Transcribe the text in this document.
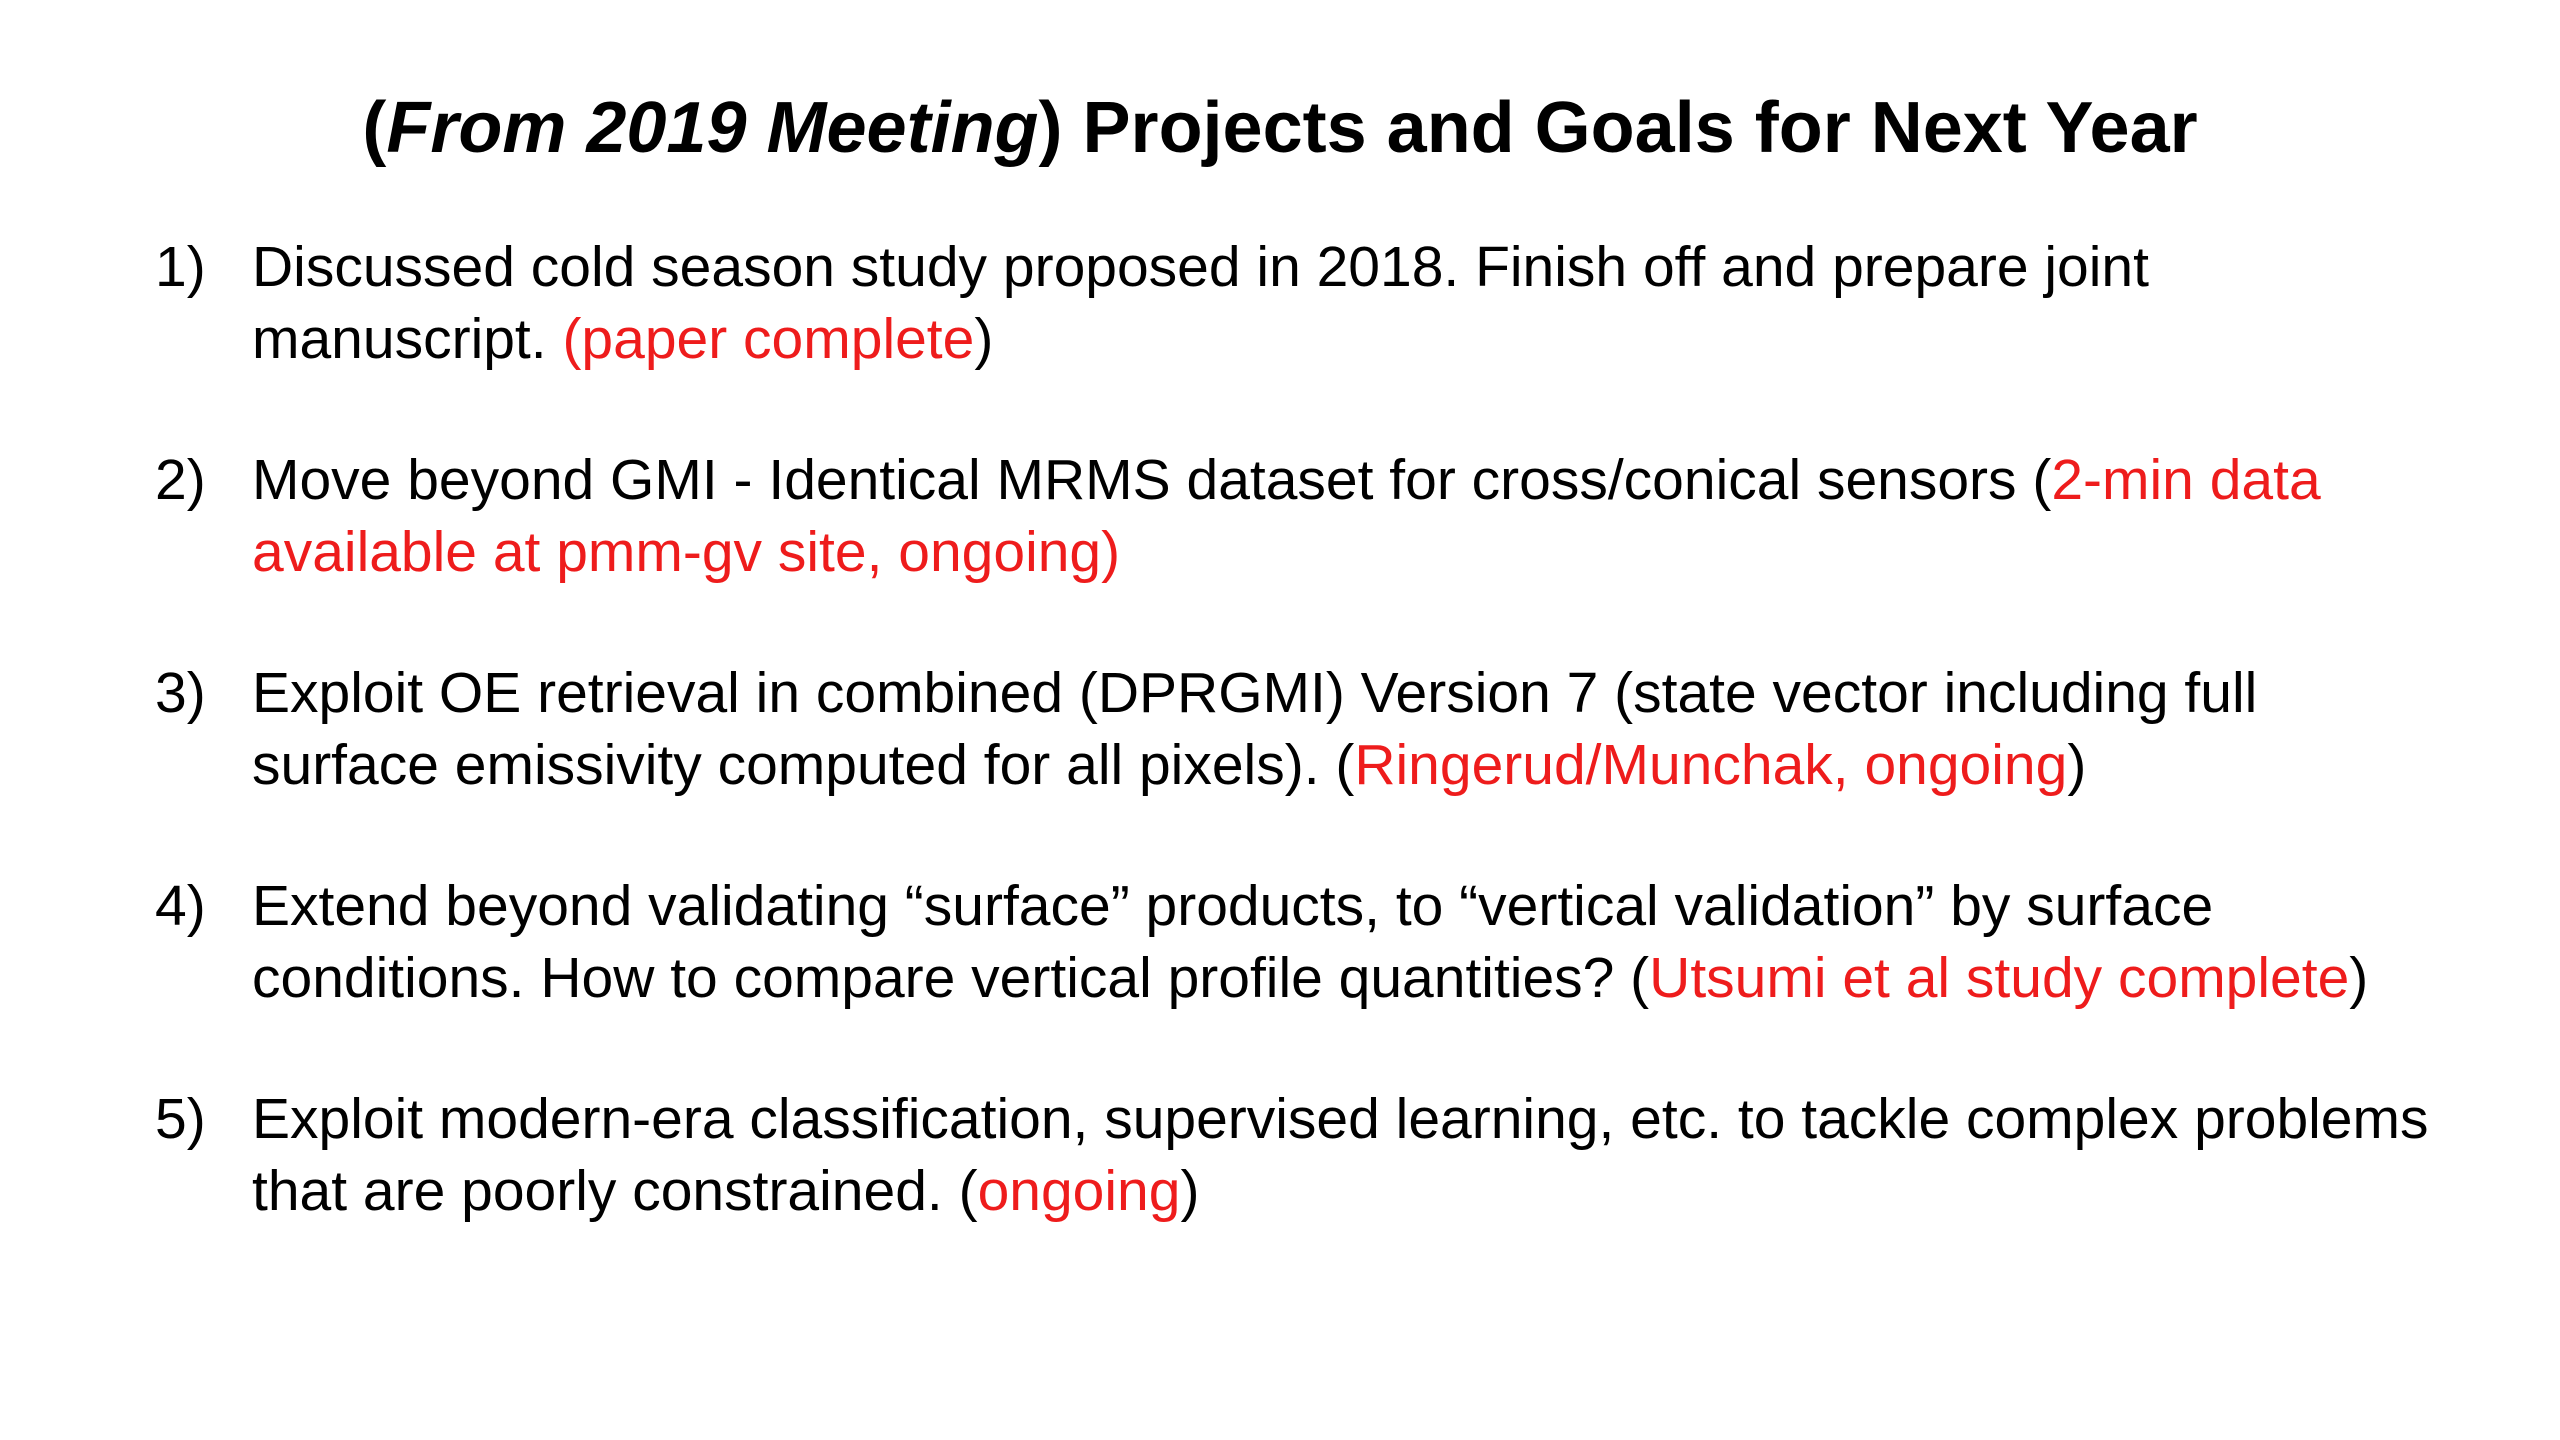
(From 2019 Meeting) Projects and Goals for Next Year
1) Discussed cold season study proposed in 2018. Finish off and prepare joint manuscript. (paper complete)
2) Move beyond GMI - Identical MRMS dataset for cross/conical sensors (2-min data available at pmm-gv site, ongoing)
3) Exploit OE retrieval in combined (DPRGMI) Version 7 (state vector including full surface emissivity computed for all pixels). (Ringerud/Munchak, ongoing)
4) Extend beyond validating “surface” products, to “vertical validation” by surface conditions. How to compare vertical profile quantities? (Utsumi et al study complete)
5) Exploit modern-era classification, supervised learning, etc. to tackle complex problems that are poorly constrained. (ongoing)
